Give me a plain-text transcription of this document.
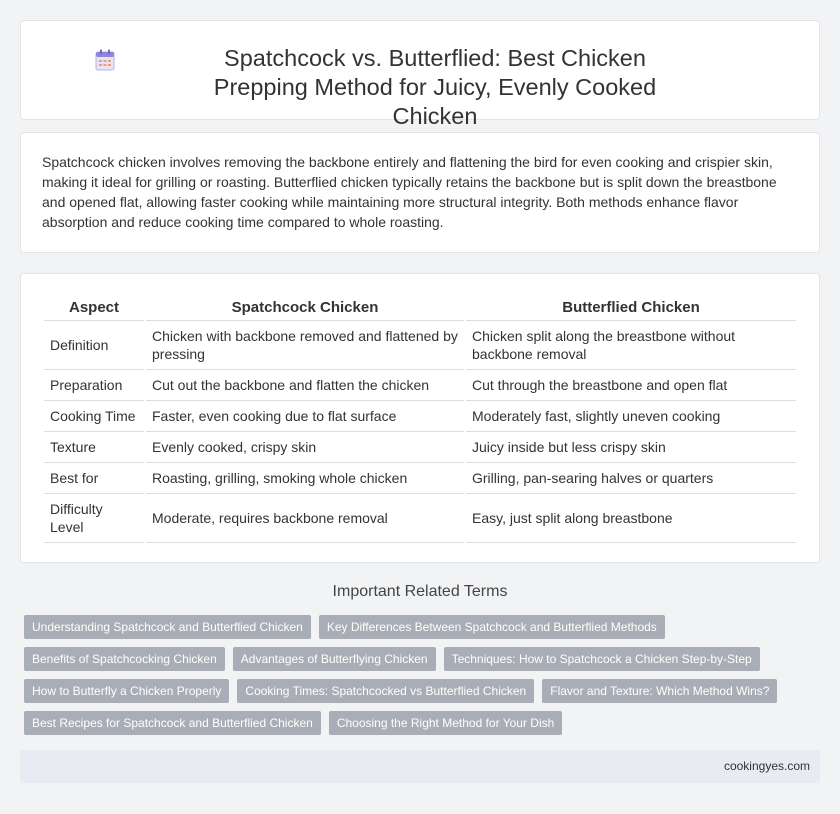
Spatchcock vs. Butterflied: Best Chicken Prepping Method for Juicy, Evenly Cooked Chicken

Spatchcock chicken involves removing the backbone entirely and flattening the bird for even cooking and crispier skin, making it ideal for grilling or roasting. Butterflied chicken typically retains the backbone but is split down the breastbone and opened flat, allowing faster cooking while maintaining more structural integrity. Both methods enhance flavor absorption and reduce cooking time compared to whole roasting.

Aspect	Spatchcock Chicken	Butterflied Chicken
Definition	Chicken with backbone removed and flattened by pressing	Chicken split along the breastbone without backbone removal
Preparation	Cut out the backbone and flatten the chicken	Cut through the breastbone and open flat
Cooking Time	Faster, even cooking due to flat surface	Moderately fast, slightly uneven cooking
Texture	Evenly cooked, crispy skin	Juicy inside but less crispy skin
Best for	Roasting, grilling, smoking whole chicken	Grilling, pan-searing halves or quarters
Difficulty Level	Moderate, requires backbone removal	Easy, just split along breastbone
Important Related Terms
Understanding Spatchcock and Butterflied Chicken	Key Differences Between Spatchcock and Butterflied Methods
Benefits of Spatchcocking Chicken	Advantages of Butterflying Chicken	Techniques: How to Spatchcock a Chicken Step-by-Step
How to Butterfly a Chicken Properly	Cooking Times: Spatchcocked vs Butterflied Chicken	Flavor and Texture: Which Method Wins?
Best Recipes for Spatchcock and Butterflied Chicken	Choosing the Right Method for Your Dish
cookingyes.com
